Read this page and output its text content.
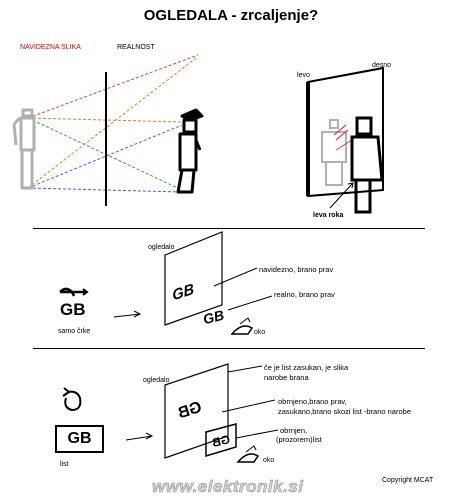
OGLEDALA - zrcaljenje?
NAVIDEZNA SLIKA	REALNOST
levo
desno
leva roka
ogledalo
GB
samo črke
GB
GB
navidezno, brano prav
realno, brano prav
oko
ogledalo
GB
list
GB
GB
če je list zasukan, je slika
narobe brana
obrnjeno,brano prav,
zasukano,brano skozi list -brano narobe
obrnjen,
(prozorem)list
oko
Copyright MCAT
www.elektronik.si
